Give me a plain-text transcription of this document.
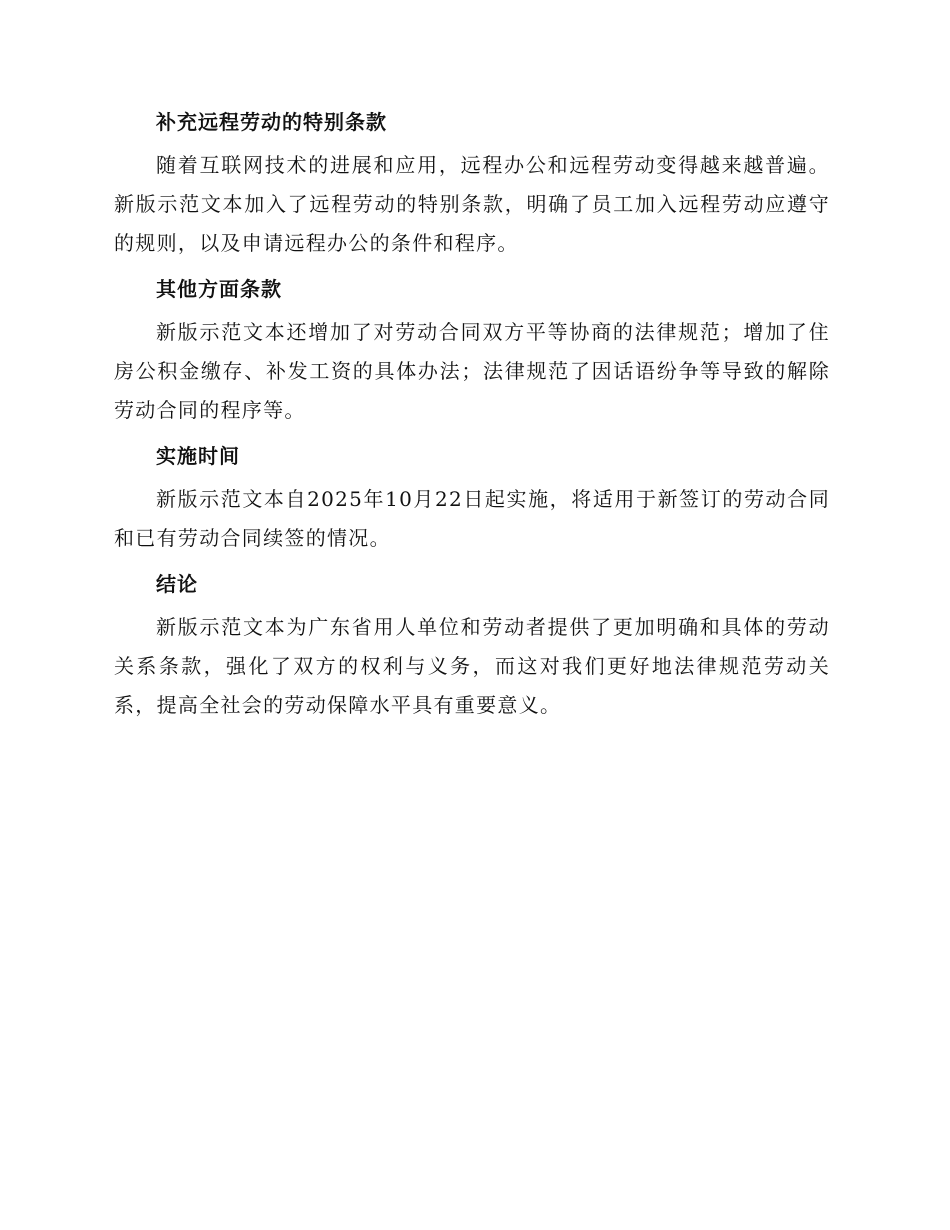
补充远程劳动的特别条款

随着互联网技术的进展和应用，远程办公和远程劳动变得越来越普遍。新版示范文本加入了远程劳动的特别条款，明确了员工加入远程劳动应遵守的规则，以及申请远程办公的条件和程序。

其他方面条款

新版示范文本还增加了对劳动合同双方平等协商的法律规范；增加了住房公积金缴存、补发工资的具体办法；法律规范了因话语纷争等导致的解除劳动合同的程序等。

实施时间

新版示范文本自2025年10月22日起实施，将适用于新签订的劳动合同和已有劳动合同续签的情况。

结论

新版示范文本为广东省用人单位和劳动者提供了更加明确和具体的劳动关系条款，强化了双方的权利与义务，而这对我们更好地法律规范劳动关系，提高全社会的劳动保障水平具有重要意义。
